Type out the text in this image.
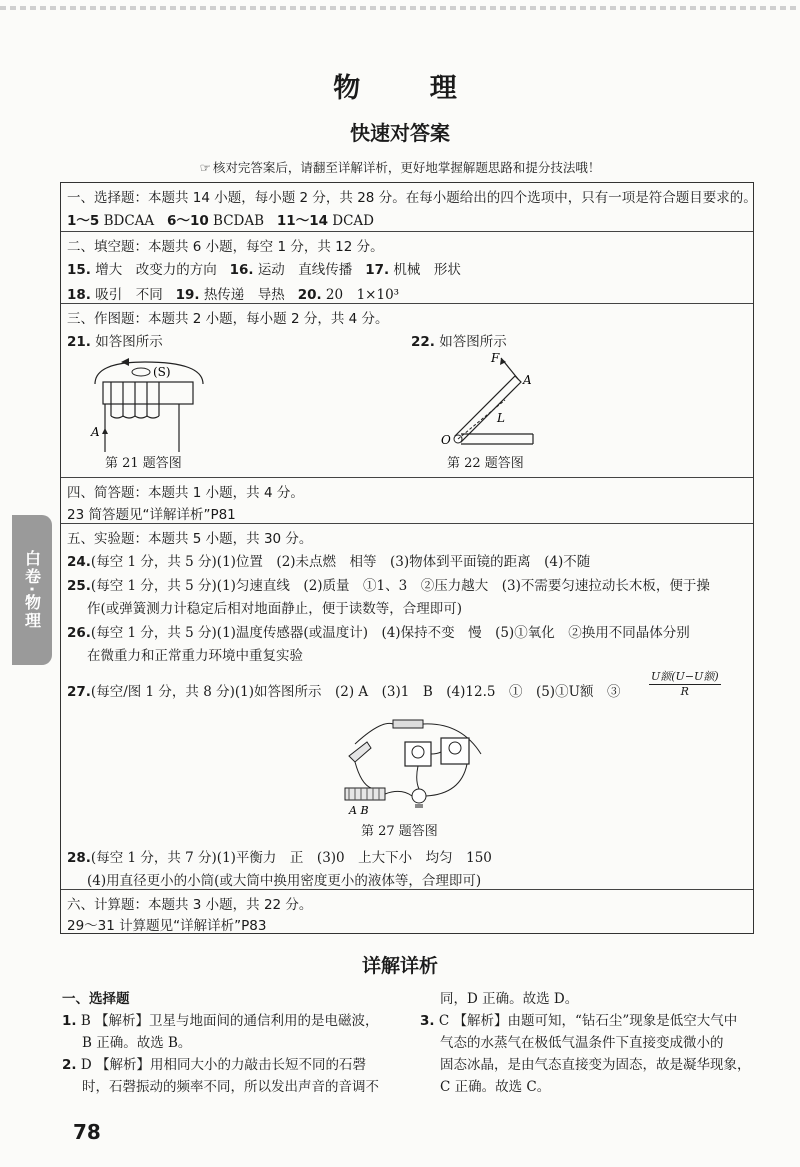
白卷·物理
物 理
快速对答案
☞ 核对完答案后，请翻至详解详析，更好地掌握解题思路和提分技法哦！
一、选择题：本题共 14 小题，每小题 2 分，共 28 分。在每小题给出的四个选项中，只有一项是符合题目要求的。
1～5 BDCAA 6～10 BCDAB 11～14 DCAD
二、填空题：本题共 6 小题，每空 1 分，共 12 分。
15. 增大　改变力的方向 16. 运动　直线传播 17. 机械　形状
18. 吸引　不同 19. 热传递　导热 20. 20　1×10³
三、作图题：本题共 2 小题，每小题 2 分，共 4 分。
21. 如答图所示	22. 如答图所示
(S)
A
第 21 题答图
F
A
L
O
第 22 题答图
四、简答题：本题共 1 小题，共 4 分。
23 简答题见“详解详析”P81
五、实验题：本题共 5 小题，共 30 分。
24.(每空 1 分，共 5 分)(1)位置　(2)未点燃　相等　(3)物体到平面镜的距离　(4)不随
25.(每空 1 分，共 5 分)(1)匀速直线　(2)质量　①1、3　②压力越大　(3)不需要匀速拉动长木板，便于操
作(或弹簧测力计稳定后相对地面静止，便于读数等，合理即可)
26.(每空 1 分，共 5 分)(1)温度传感器(或温度计)　(4)保持不变　慢　(5)①氧化　②换用不同晶体分别
在微重力和正常重力环境中重复实验
27.(每空/图 1 分，共 8 分)(1)如答图所示　(2) A　(3)1　B　(4)12.5　①　(5)①U额　③
U额(U−U额)
R
A B
第 27 题答图
28.(每空 1 分，共 7 分)(1)平衡力　正　(3)0　上大下小　均匀　150
(4)用直径更小的小筒(或大筒中换用密度更小的液体等，合理即可)
六、计算题：本题共 3 小题，共 22 分。
29～31 计算题见“详解详析”P83
详解详析
一、选择题
1. B 【解析】卫星与地面间的通信利用的是电磁波，
B 正确。故选 B。
2. D 【解析】用相同大小的力敲击长短不同的石磬
时，石磬振动的频率不同，所以发出声音的音调不
同，D 正确。故选 D。
3. C 【解析】由题可知，“钻石尘”现象是低空大气中
气态的水蒸气在极低气温条件下直接变成微小的
固态冰晶，是由气态直接变为固态，故是凝华现象，
C 正确。故选 C。
78
